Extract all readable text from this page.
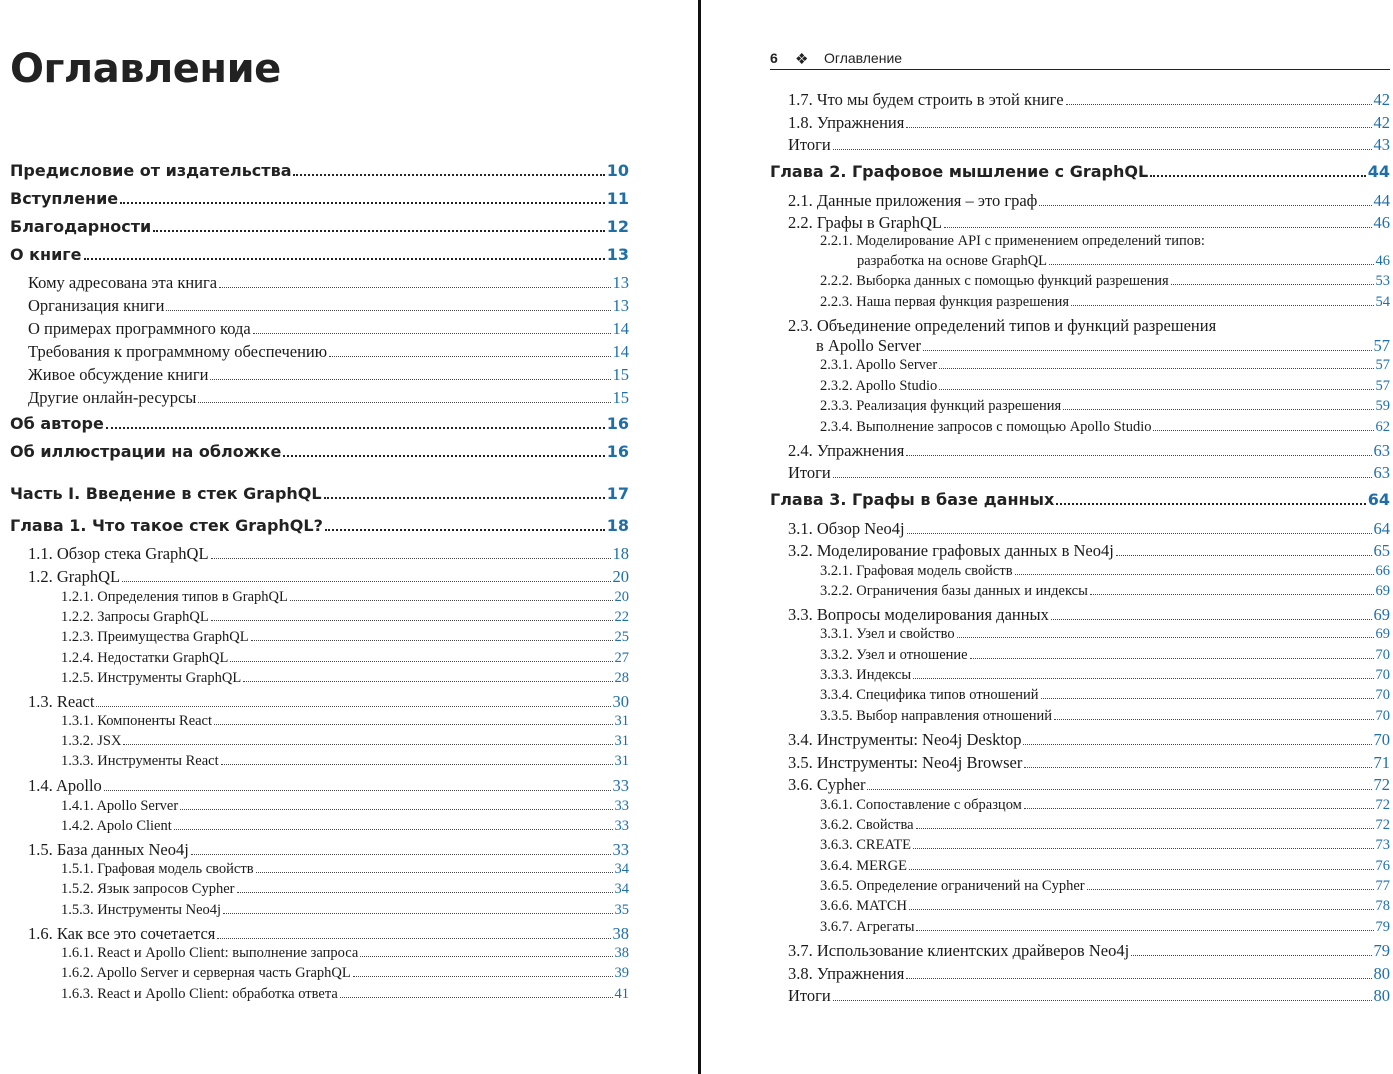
Оглавление
Предисловие от издательства	10
Вступление	11
Благодарности	12
О книге	13
Кому адресована эта книга	13
Организация книги	13
О примерах программного кода	14
Требования к программному обеспечению	14
Живое обсуждение книги	15
Другие онлайн-ресурсы	15
Об авторе	16
Об иллюстрации на обложке	16
Часть I. Введение в стек GraphQL	17
Глава 1. Что такое стек GraphQL?	18
1.1. Обзор стека GraphQL	18
1.2. GraphQL	20
1.2.1. Определения типов в GraphQL	20
1.2.2. Запросы GraphQL	22
1.2.3. Преимущества GraphQL	25
1.2.4. Недостатки GraphQL	27
1.2.5. Инструменты GraphQL	28
1.3. React	30
1.3.1. Компоненты React	31
1.3.2. JSX	31
1.3.3. Инструменты React	31
1.4. Apollo	33
1.4.1. Apollo Server	33
1.4.2. Apolo Client	33
1.5. База данных Neo4j	33
1.5.1. Графовая модель свойств	34
1.5.2. Язык запросов Cypher	34
1.5.3. Инструменты Neo4j	35
1.6. Как все это сочетается	38
1.6.1. React и Apollo Client: выполнение запроса	38
1.6.2. Apollo Server и серверная часть GraphQL	39
1.6.3. React и Apollo Client: обработка ответа	41
6 ❖ Оглавление
1.7. Что мы будем строить в этой книге	42
1.8. Упражнения	42
Итоги	43
Глава 2. Графовое мышление с GraphQL	44
2.1. Данные приложения – это граф	44
2.2. Графы в GraphQL	46
2.2.1. Моделирование API с применением определений типов:
разработка на основе GraphQL	46
2.2.2. Выборка данных с помощью функций разрешения	53
2.2.3. Наша первая функция разрешения	54
2.3. Объединение определений типов и функций разрешения
в Apollo Server	57
2.3.1. Apollo Server	57
2.3.2. Apollo Studio	57
2.3.3. Реализация функций разрешения	59
2.3.4. Выполнение запросов с помощью Apollo Studio	62
2.4. Упражнения	63
Итоги	63
Глава 3. Графы в базе данных	64
3.1. Обзор Neo4j	64
3.2. Моделирование графовых данных в Neo4j	65
3.2.1. Графовая модель свойств	66
3.2.2. Ограничения базы данных и индексы	69
3.3. Вопросы моделирования данных	69
3.3.1. Узел и свойство	69
3.3.2. Узел и отношение	70
3.3.3. Индексы	70
3.3.4. Специфика типов отношений	70
3.3.5. Выбор направления отношений	70
3.4. Инструменты: Neo4j Desktop	70
3.5. Инструменты: Neo4j Browser	71
3.6. Cypher	72
3.6.1. Сопоставление с образцом	72
3.6.2. Свойства	72
3.6.3. CREATE	73
3.6.4. MERGE	76
3.6.5. Определение ограничений на Cypher	77
3.6.6. MATCH	78
3.6.7. Агрегаты	79
3.7. Использование клиентских драйверов Neo4j	79
3.8. Упражнения	80
Итоги	80
